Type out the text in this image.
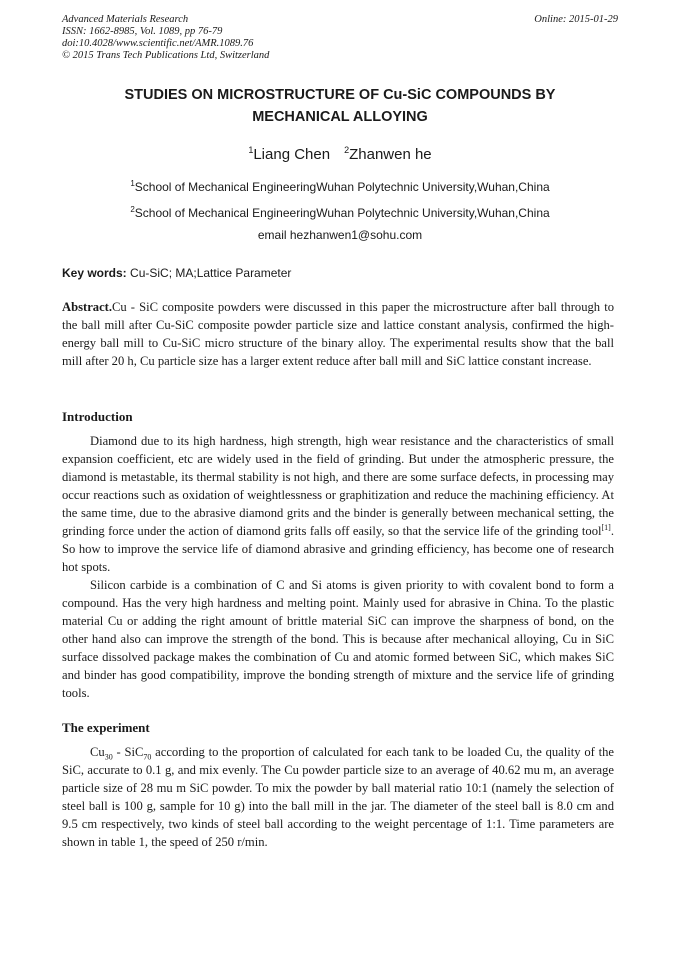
Advanced Materials Research
ISSN: 1662-8985, Vol. 1089, pp 76-79
doi:10.4028/www.scientific.net/AMR.1089.76
© 2015 Trans Tech Publications Ltd, Switzerland
Online: 2015-01-29
STUDIES ON MICROSTRUCTURE OF Cu-SiC COMPOUNDS BY
MECHANICAL ALLOYING
$^1$Liang Chen $^2$Zhanwen he
$^1$School of Mechanical EngineeringWuhan Polytechnic University,Wuhan,China
$^2$School of Mechanical EngineeringWuhan Polytechnic University,Wuhan,China
email hezhanwen1@sohu.com
Key words: Cu-SiC; MA;Lattice Parameter
Abstract.Cu - SiC composite powders were discussed in this paper the microstructure after ball through to the ball mill after Cu-SiC composite powder particle size and lattice constant analysis, confirmed the high-energy ball mill to Cu-SiC micro structure of the binary alloy. The experimental results show that the ball mill after 20 h, Cu particle size has a larger extent reduce after ball mill and SiC lattice constant increase.
Introduction

Diamond due to its high hardness, high strength, high wear resistance and the characteristics of small expansion coefficient, etc are widely used in the field of grinding. But under the atmospheric pressure, the diamond is metastable, its thermal stability is not high, and there are some surface defects, in processing may occur reactions such as oxidation of weightlessness or graphitization and reduce the machining efficiency. At the same time, due to the abrasive diamond grits and the binder is generally between mechanical setting, the grinding force under the action of diamond grits falls off easily, so that the service life of the grinding tool[1]. So how to improve the service life of diamond abrasive and grinding efficiency, has become one of research hot spots.

Silicon carbide is a combination of C and Si atoms is given priority to with covalent bond to form a compound. Has the very high hardness and melting point. Mainly used for abrasive in China. To the plastic material Cu or adding the right amount of brittle material SiC can improve the sharpness of bond, on the other hand also can improve the strength of the bond. This is because after mechanical alloying, Cu in SiC surface dissolved package makes the combination of Cu and atomic formed between SiC, which makes SiC and binder has good compatibility, improve the bonding strength of mixture and the service life of grinding tools.

The experiment

$Cu_{30} - SiC_{70}$ according to the proportion of calculated for each tank to be loaded Cu, the quality of the SiC, accurate to 0.1 g, and mix evenly. The Cu powder particle size to an average of 40.62 mu m, an average particle size of 28 mu m SiC powder. To mix the powder by ball material ratio 10:1 (namely the selection of steel ball is 100 g, sample for 10 g) into the ball mill in the jar. The diameter of the steel ball is 8.0 cm and 9.5 cm respectively, two kinds of steel ball according to the weight percentage of 1:1. Time parameters are shown in table 1, the speed of 250 r/min.
